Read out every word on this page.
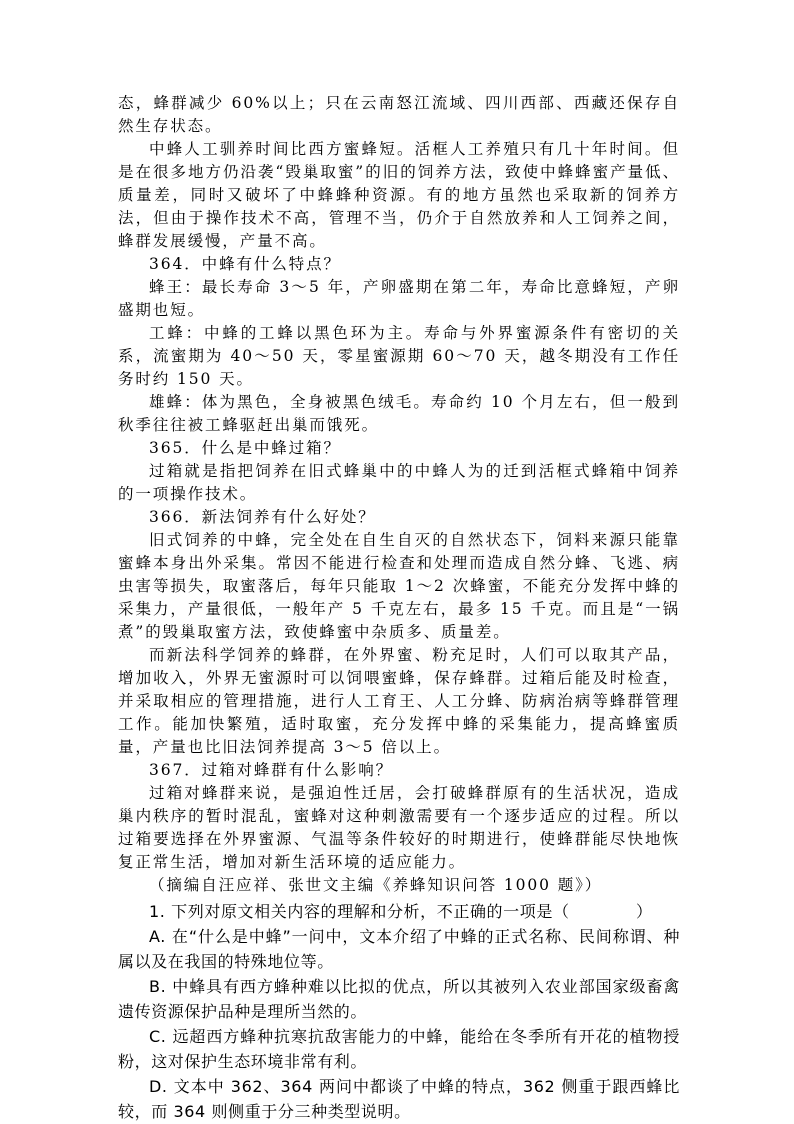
态，蜂群减少 60%以上；只在云南怒江流域、四川西部、西藏还保存自然生存状态。

中蜂人工驯养时间比西方蜜蜂短。活框人工养殖只有几十年时间。但是在很多地方仍沿袭“毁巢取蜜”的旧的饲养方法，致使中蜂蜂蜜产量低、质量差，同时又破坏了中蜂蜂种资源。有的地方虽然也采取新的饲养方法，但由于操作技术不高，管理不当，仍介于自然放养和人工饲养之间，蜂群发展缓慢，产量不高。

364．中蜂有什么特点？

蜂王：最长寿命 3～5 年，产卵盛期在第二年，寿命比意蜂短，产卵盛期也短。

工蜂：中蜂的工蜂以黑色环为主。寿命与外界蜜源条件有密切的关系，流蜜期为 40～50 天，零星蜜源期 60～70 天，越冬期没有工作任务时约 150 天。

雄蜂：体为黑色，全身被黑色绒毛。寿命约 10 个月左右，但一般到秋季往往被工蜂驱赶出巢而饿死。

365．什么是中蜂过箱？

过箱就是指把饲养在旧式蜂巢中的中蜂人为的迁到活框式蜂箱中饲养的一项操作技术。

366．新法饲养有什么好处？

旧式饲养的中蜂，完全处在自生自灭的自然状态下，饲料来源只能靠蜜蜂本身出外采集。常因不能进行检查和处理而造成自然分蜂、飞逃、病虫害等损失，取蜜落后，每年只能取 1～2 次蜂蜜，不能充分发挥中蜂的采集力，产量很低，一般年产 5 千克左右，最多 15 千克。而且是“一锅煮”的毁巢取蜜方法，致使蜂蜜中杂质多、质量差。

而新法科学饲养的蜂群，在外界蜜、粉充足时，人们可以取其产品，增加收入，外界无蜜源时可以饲喂蜜蜂，保存蜂群。过箱后能及时检查，并采取相应的管理措施，进行人工育王、人工分蜂、防病治病等蜂群管理工作。能加快繁殖，适时取蜜，充分发挥中蜂的采集能力，提高蜂蜜质量，产量也比旧法饲养提高 3～5 倍以上。

367．过箱对蜂群有什么影响？

过箱对蜂群来说，是强迫性迁居，会打破蜂群原有的生活状况，造成巢内秩序的暂时混乱，蜜蜂对这种刺激需要有一个逐步适应的过程。所以过箱要选择在外界蜜源、气温等条件较好的时期进行，使蜂群能尽快地恢复正常生活，增加对新生活环境的适应能力。

（摘编自汪应祥、张世文主编《养蜂知识问答 1000 题》）

1. 下列对原文相关内容的理解和分析，不正确的一项是（　　　　）

A. 在“什么是中蜂”一问中，文本介绍了中蜂的正式名称、民间称谓、种属以及在我国的特殊地位等。

B. 中蜂具有西方蜂种难以比拟的优点，所以其被列入农业部国家级畜禽遗传资源保护品种是理所当然的。

C. 远超西方蜂种抗寒抗敌害能力的中蜂，能给在冬季所有开花的植物授粉，这对保护生态环境非常有利。

D. 文本中 362、364 两问中都谈了中蜂的特点，362 侧重于跟西蜂比较，而 364 则侧重于分三种类型说明。
